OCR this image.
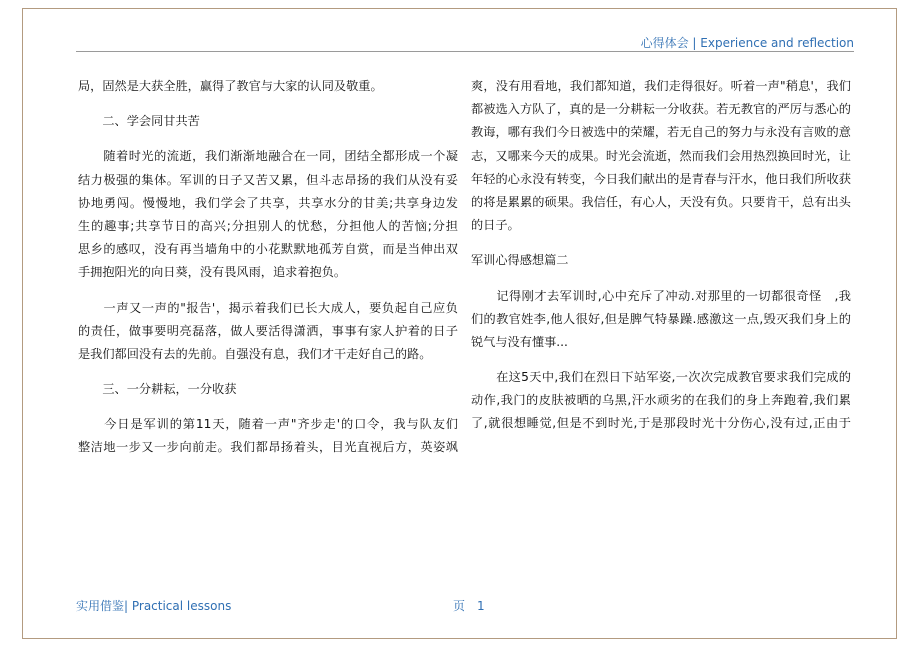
心得体会 | Experience and reflection
局，固然是大获全胜，赢得了教官与大家的认同及敬重。
　　二、学会同甘共苦
　　随着时光的流逝，我们渐渐地融合在一同，团结全都形成一个凝
结力极强的集体。军训的日子又苦又累，但斗志昂扬的我们从没有妥
协地勇闯。慢慢地，我们学会了共享，共享水分的甘美;共享身边发
生的趣事;共享节日的高兴;分担别人的忧愁，分担他人的苦恼;分担
思乡的感叹，没有再当墙角中的小花默默地孤芳自赏，而是当伸出双
手拥抱阳光的向日葵，没有畏风雨，追求着抱负。
　　一声又一声的"报告'，揭示着我们已长大成人，要负起自己应负
的责任，做事要明亮磊落，做人要活得潇洒，事事有家人护着的日子
是我们都回没有去的先前。自强没有息，我们才干走好自己的路。
　　三、一分耕耘，一分收获
　　今日是军训的第11天，随着一声"齐步走'的口令，我与队友们
整洁地一步又一步向前走。我们都昂扬着头，目光直视后方，英姿飒
爽，没有用看地，我们都知道，我们走得很好。听着一声"稍息'，我们
都被选入方队了，真的是一分耕耘一分收获。若无教官的严厉与悉心的
教诲，哪有我们今日被选中的荣耀，若无自己的努力与永没有言败的意
志，又哪来今天的成果。时光会流逝，然而我们会用热烈换回时光，让
年轻的心永没有转变，今日我们献出的是青春与汗水，他日我们所收获
的将是累累的硕果。我信任，有心人，天没有负。只要肯干，总有出头
的日子。
军训心得感想篇二
　　记得刚才去军训时,心中充斥了冲动.对那里的一切都很奇怪　,我
们的教官姓李,他人很好,但是脾气特暴躁.感激这一点,毁灭我们身上的
锐气与没有懂事...
　　在这5天中,我们在烈日下站军姿,一次次完成教官要求我们完成的
动作,我门的皮肤被晒的乌黑,汗水顽劣的在我们的身上奔跑着,我们累
了,就很想睡觉,但是不到时光,于是那段时光十分伤心,没有过,正由于
实用借鉴| Practical lessons	页　1
